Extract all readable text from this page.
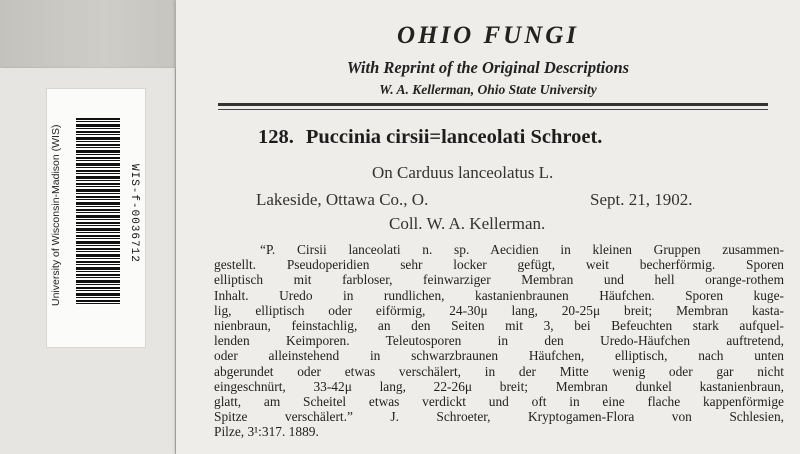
University of Wisconsin-Madison (WIS)	WIS-f-0036712
OHIO FUNGI
With Reprint of the Original Descriptions
W. A. Kellerman, Ohio State University
128. Puccinia cirsii=lanceolati Schroet.
On Carduus lanceolatus L.
Lakeside, Ottawa Co., O.	Sept. 21, 1902.
Coll. W. A. Kellerman.
“P. Cirsii lanceolati n. sp. Aecidien in kleinen Gruppen zusammen-
gestellt. Pseudoperidien sehr locker gefügt, weit becherförmig. Sporen
elliptisch mit farbloser, feinwarziger Membran und hell orange-rothem
Inhalt. Uredo in rundlichen, kastanienbraunen Häufchen. Sporen kuge-
lig, elliptisch oder eiförmig, 24-30μ lang, 20-25μ breit; Membran kasta-
nienbraun, feinstachlig, an den Seiten mit 3, bei Befeuchten stark aufquel-
lenden Keimporen. Teleutosporen in den Uredo-Häufchen auftretend,
oder alleinstehend in schwarzbraunen Häufchen, elliptisch, nach unten
abgerundet oder etwas verschälert, in der Mitte wenig oder gar nicht
eingeschnürt, 33-42μ lang, 22-26μ breit; Membran dunkel kastanienbraun,
glatt, am Scheitel etwas verdickt und oft in eine flache kappenförmige
Spitze verschälert.” J. Schroeter, Kryptogamen-Flora von Schlesien,
Pilze, 3¹:317. 1889.
